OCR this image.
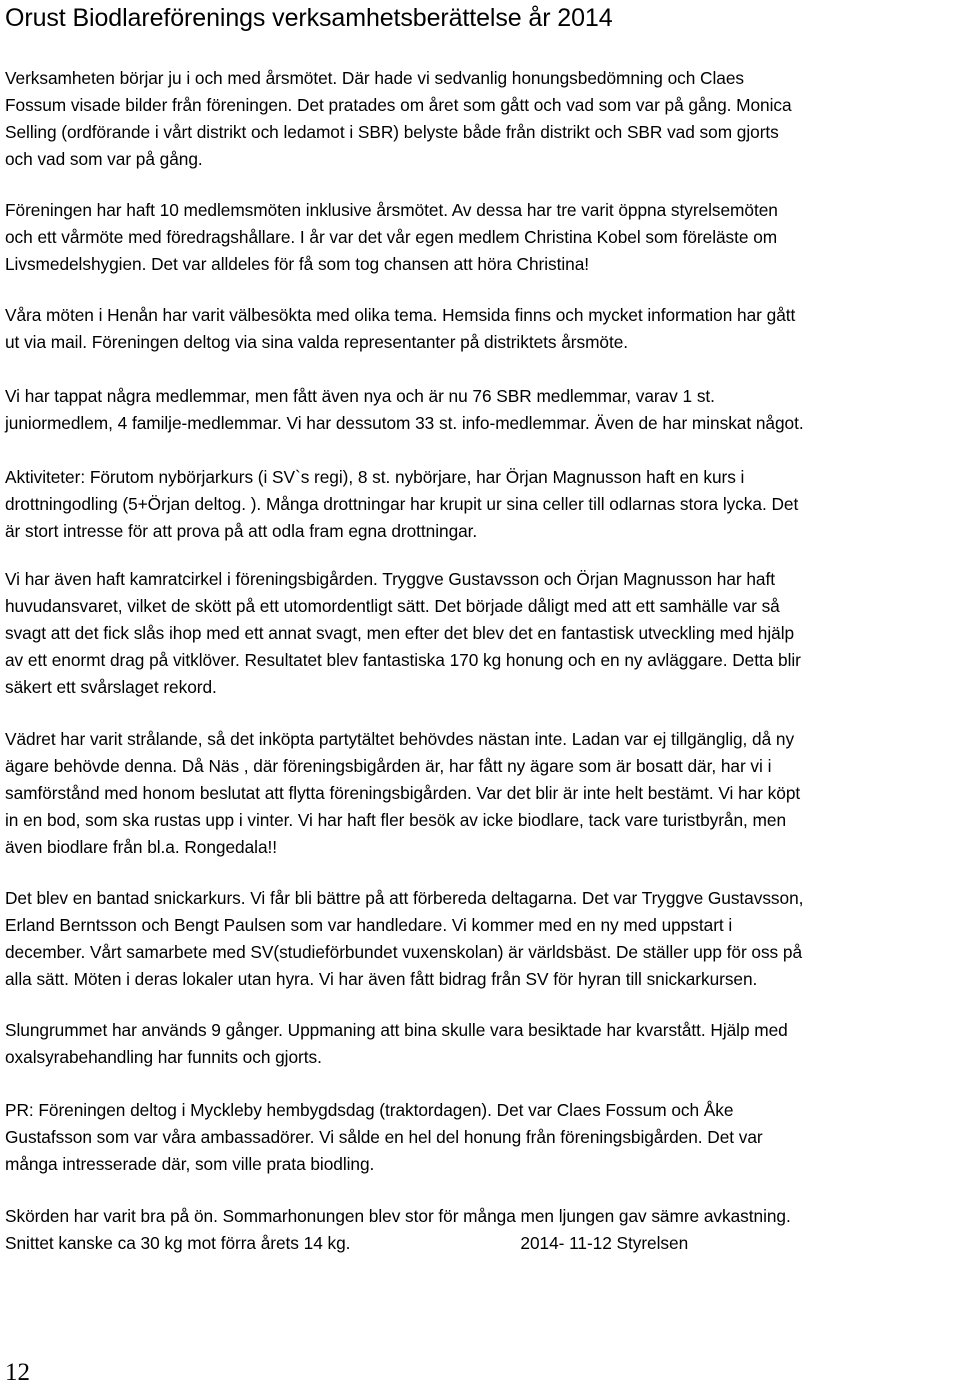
Orust Biodlareförenings verksamhetsberättelse år 2014

Verksamheten börjar ju i och med årsmötet. Där hade vi sedvanlig honungsbedömning och Claes
Fossum visade bilder från föreningen. Det pratades om året som gått och vad som var på gång. Monica
Selling (ordförande i vårt distrikt och ledamot i SBR) belyste både från distrikt och SBR vad som gjorts
och vad som var på gång.

Föreningen har haft 10 medlemsmöten inklusive årsmötet. Av dessa har tre varit öppna styrelsemöten
och ett vårmöte med föredragshållare. I år var det vår egen medlem Christina Kobel som föreläste om
Livsmedelshygien. Det var alldeles för få som tog chansen att höra Christina!

Våra möten i Henån har varit välbesökta med olika tema. Hemsida finns och mycket information har gått
ut via mail. Föreningen deltog via sina valda representanter på distriktets årsmöte.

Vi har tappat några medlemmar, men fått även nya och är nu 76 SBR medlemmar, varav 1 st.
juniormedlem, 4 familje-medlemmar. Vi har dessutom 33 st. info-medlemmar. Även de har minskat något.

Aktiviteter: Förutom nybörjarkurs (i SV`s regi), 8 st. nybörjare, har Örjan Magnusson haft en kurs i
drottningodling (5+Örjan deltog. ). Många drottningar har krupit ur sina celler till odlarnas stora lycka. Det
är stort intresse för att prova på att odla fram egna drottningar.

Vi har även haft kamratcirkel i föreningsbigården. Tryggve Gustavsson och Örjan Magnusson har haft
huvudansvaret, vilket de skött på ett utomordentligt sätt. Det började dåligt med att ett samhälle var så
svagt att det fick slås ihop med ett annat svagt, men efter det blev det en fantastisk utveckling med hjälp
av ett enormt drag på vitklöver. Resultatet blev fantastiska 170 kg honung och en ny avläggare. Detta blir
säkert ett svårslaget rekord.

Vädret har varit strålande, så det inköpta partytältet behövdes nästan inte. Ladan var ej tillgänglig, då ny
ägare behövde denna. Då Näs , där föreningsbigården är, har fått ny ägare som är bosatt där, har vi i
samförstånd med honom beslutat att flytta föreningsbigården. Var det blir är inte helt bestämt. Vi har köpt
in en bod, som ska rustas upp i vinter. Vi har haft fler besök av icke biodlare, tack vare turistbyrån, men
även biodlare från bl.a. Rongedala!!

Det blev en bantad snickarkurs. Vi får bli bättre på att förbereda deltagarna. Det var Tryggve Gustavsson,
Erland Berntsson och Bengt Paulsen som var handledare. Vi kommer med en ny med uppstart i
december. Vårt samarbete med SV(studieförbundet vuxenskolan) är världsbäst. De ställer upp för oss på
alla sätt. Möten i deras lokaler utan hyra. Vi har även fått bidrag från SV för hyran till snickarkursen.

Slungrummet har används 9 gånger. Uppmaning att bina skulle vara besiktade har kvarstått. Hjälp med
oxalsyrabehandling har funnits och gjorts.

PR: Föreningen deltog i Myckleby hembygdsdag (traktordagen). Det var Claes Fossum och Åke
Gustafsson som var våra ambassadörer. Vi sålde en hel del honung från föreningsbigården. Det var
många intresserade där, som ville prata biodling.

Skörden har varit bra på ön. Sommarhonungen blev stor för många men ljungen gav sämre avkastning.
Snittet kanske ca 30 kg mot förra årets 14 kg.	2014- 11-12 Styrelsen

12
